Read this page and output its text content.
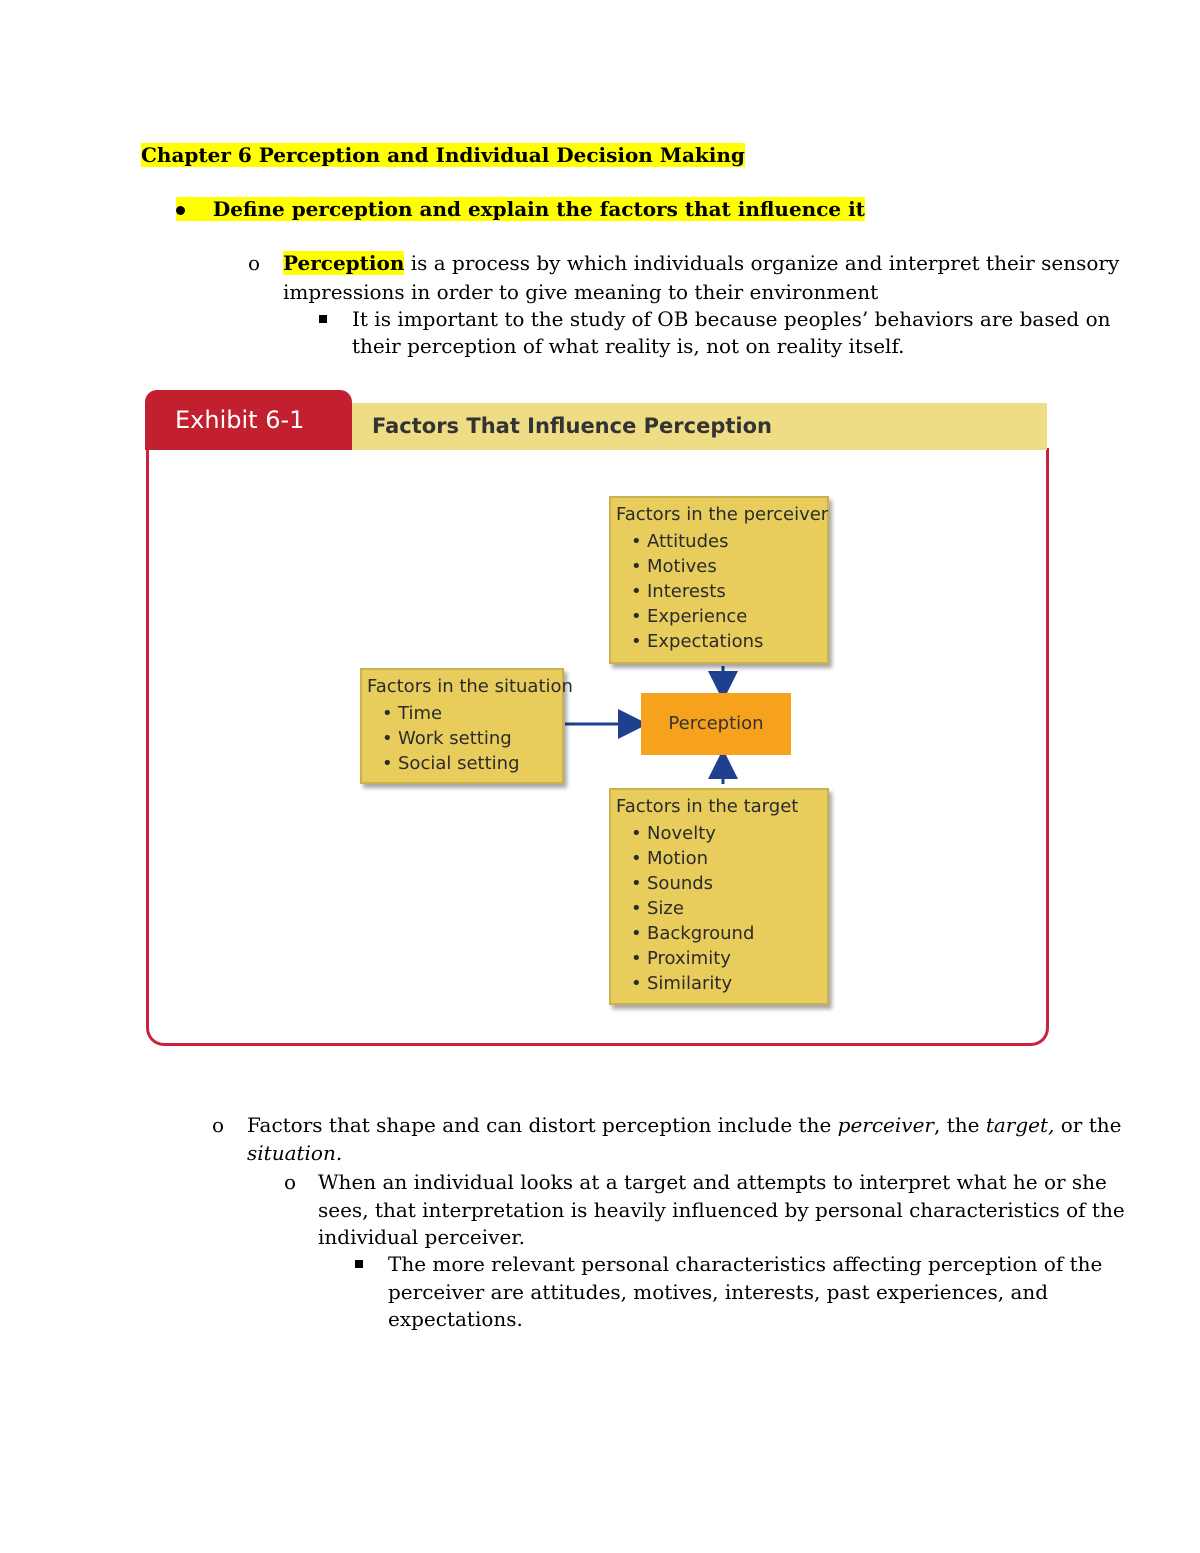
Chapter 6 Perception and Individual Decision Making
Define perception and explain the factors that influence it
o Perception is a process by which individuals organize and interpret their sensory
impressions in order to give meaning to their environment
It is important to the study of OB because peoples’ behaviors are based on
their perception of what reality is, not on reality itself.
Exhibit 6-1	Factors That Influence Perception
Factors in the perceiver
• Attitudes
• Motives
• Interests
• Experience
• Expectations
Factors in the situation
• Time
• Work setting
• Social setting
Perception
Factors in the target
• Novelty
• Motion
• Sounds
• Size
• Background
• Proximity
• Similarity
o Factors that shape and can distort perception include the perceiver, the target, or the
situation.
o When an individual looks at a target and attempts to interpret what he or she
sees, that interpretation is heavily influenced by personal characteristics of the
individual perceiver.
The more relevant personal characteristics affecting perception of the
perceiver are attitudes, motives, interests, past experiences, and
expectations.
